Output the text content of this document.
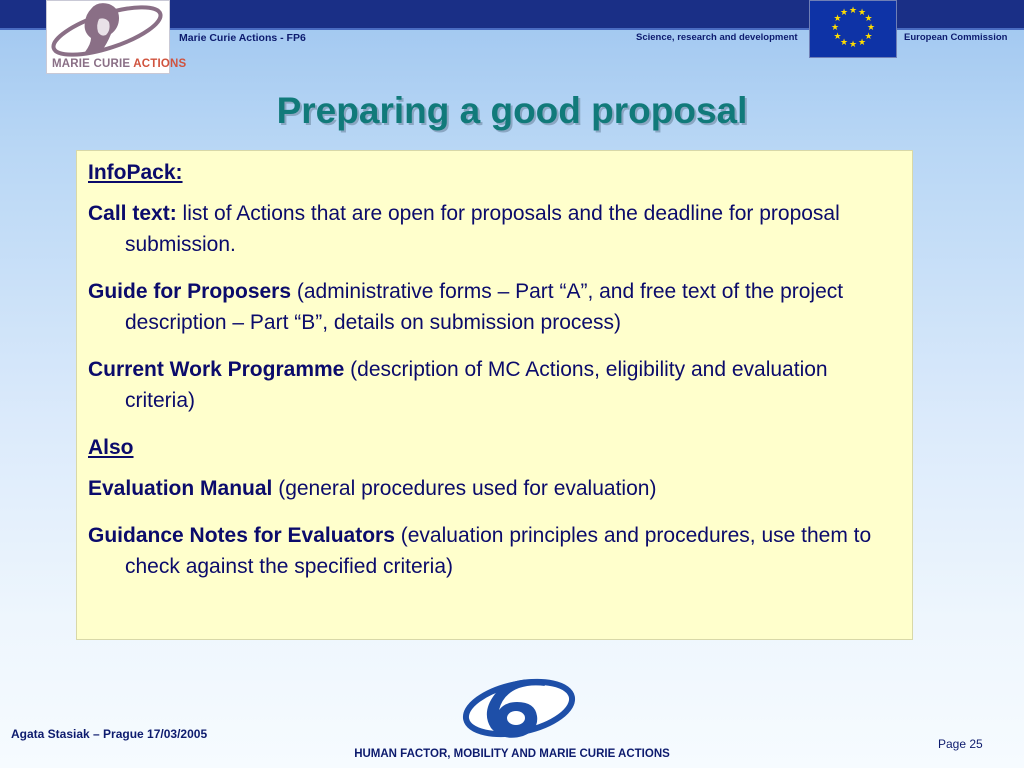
MARIE CURIE ACTIONS
Marie Curie Actions - FP6	Science, research and development
★ ★
★
★
★
★
★
★
★
★
★
★
European Commission
Preparing a good proposal
InfoPack:
Call text: list of Actions that are open for proposals and the deadline for proposal submission.
Guide for Proposers (administrative forms – Part “A”, and free text of the project description – Part “B”, details on submission process)
Current Work Programme (description of MC Actions, eligibility and evaluation criteria)
Also
Evaluation Manual (general procedures used for evaluation)
Guidance Notes for Evaluators (evaluation principles and procedures, use them to check against the specified criteria)
Agata Stasiak – Prague 17/03/2005
Page 25
HUMAN FACTOR, MOBILITY AND MARIE CURIE ACTIONS
